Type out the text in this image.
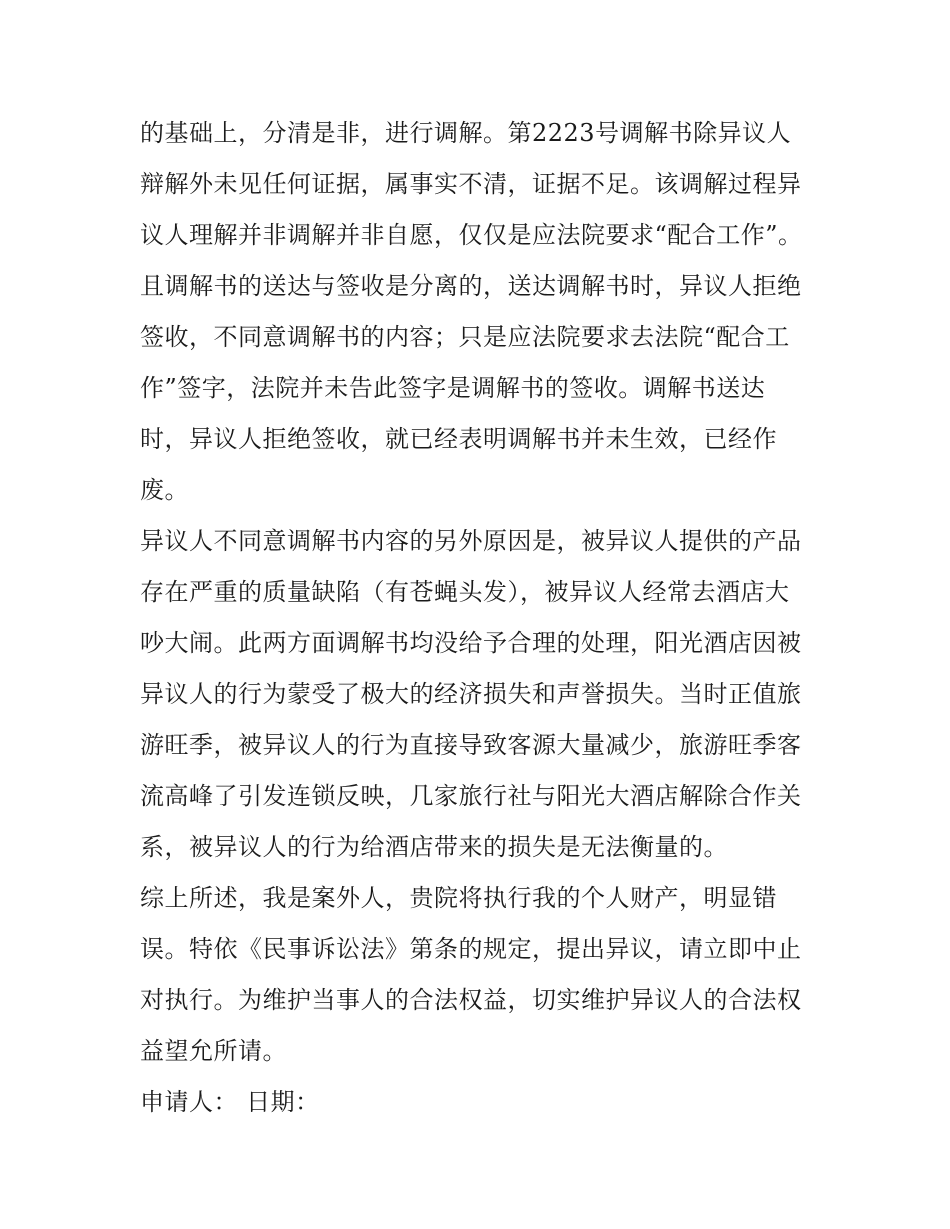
的基础上，分清是非，进行调解。第2223号调解书除异议人
辩解外未见任何证据，属事实不清，证据不足。该调解过程异
议人理解并非调解并非自愿，仅仅是应法院要求“配合工作”。
且调解书的送达与签收是分离的，送达调解书时，异议人拒绝
签收，不同意调解书的内容；只是应法院要求去法院“配合工
作”签字，法院并未告此签字是调解书的签收。调解书送达
时，异议人拒绝签收，就已经表明调解书并未生效，已经作
废。
异议人不同意调解书内容的另外原因是，被异议人提供的产品
存在严重的质量缺陷（有苍蝇头发），被异议人经常去酒店大
吵大闹。此两方面调解书均没给予合理的处理，阳光酒店因被
异议人的行为蒙受了极大的经济损失和声誉损失。当时正值旅
游旺季，被异议人的行为直接导致客源大量减少，旅游旺季客
流高峰了引发连锁反映，几家旅行社与阳光大酒店解除合作关
系，被异议人的行为给酒店带来的损失是无法衡量的。
综上所述，我是案外人，贵院将执行我的个人财产，明显错
误。特依《民事诉讼法》第条的规定，提出异议，请立即中止
对执行。为维护当事人的合法权益，切实维护异议人的合法权
益望允所请。
申请人： 日期：
